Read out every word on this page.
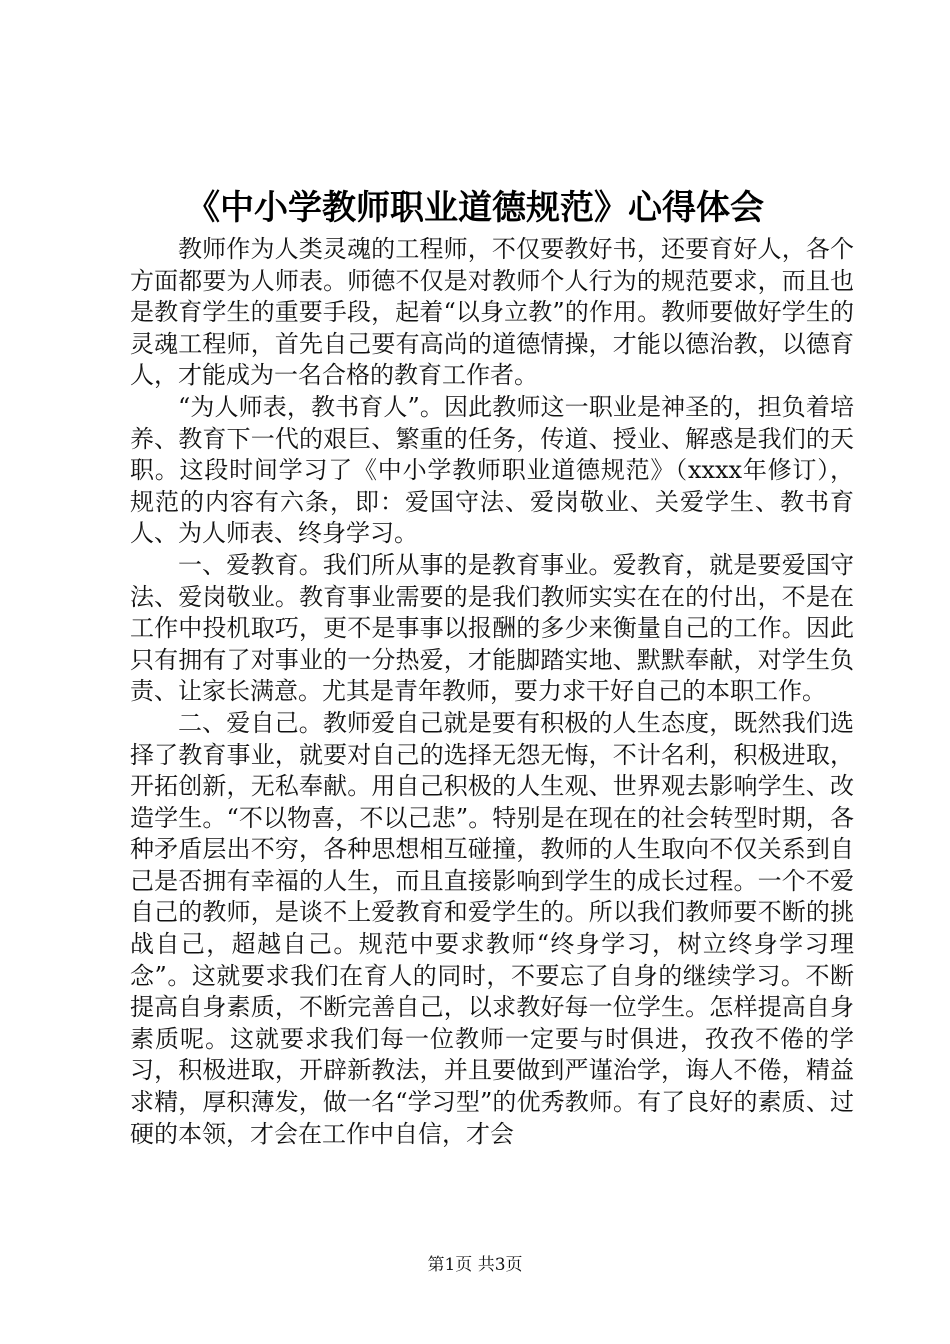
《中小学教师职业道德规范》心得体会

教师作为人类灵魂的工程师，不仅要教好书，还要育好人，各个方面都要为人师表。师德不仅是对教师个人行为的规范要求，而且也是教育学生的重要手段，起着“以身立教”的作用。教师要做好学生的灵魂工程师，首先自己要有高尚的道德情操，才能以德治教，以德育人，才能成为一名合格的教育工作者。

“为人师表，教书育人”。因此教师这一职业是神圣的，担负着培养、教育下一代的艰巨、繁重的任务，传道、授业、解惑是我们的天职。这段时间学习了《中小学教师职业道德规范》（xxxx年修订），规范的内容有六条，即：爱国守法、爱岗敬业、关爱学生、教书育人、为人师表、终身学习。

一、爱教育。我们所从事的是教育事业。爱教育，就是要爱国守法、爱岗敬业。教育事业需要的是我们教师实实在在的付出，不是在工作中投机取巧，更不是事事以报酬的多少来衡量自己的工作。因此只有拥有了对事业的一分热爱，才能脚踏实地、默默奉献，对学生负责、让家长满意。尤其是青年教师，要力求干好自己的本职工作。

二、爱自己。教师爱自己就是要有积极的人生态度，既然我们选择了教育事业，就要对自己的选择无怨无悔，不计名利，积极进取，开拓创新，无私奉献。用自己积极的人生观、世界观去影响学生、改造学生。“不以物喜，不以己悲”。特别是在现在的社会转型时期，各种矛盾层出不穷，各种思想相互碰撞，教师的人生取向不仅关系到自己是否拥有幸福的人生，而且直接影响到学生的成长过程。一个不爱自己的教师，是谈不上爱教育和爱学生的。所以我们教师要不断的挑战自己，超越自己。规范中要求教师“终身学习，树立终身学习理念”。这就要求我们在育人的同时，不要忘了自身的继续学习。不断提高自身素质，不断完善自己，以求教好每一位学生。怎样提高自身素质呢。这就要求我们每一位教师一定要与时俱进，孜孜不倦的学习，积极进取，开辟新教法，并且要做到严谨治学，诲人不倦，精益求精，厚积薄发，做一名“学习型”的优秀教师。有了良好的素质、过硬的本领，才会在工作中自信，才会

第1页 共3页
